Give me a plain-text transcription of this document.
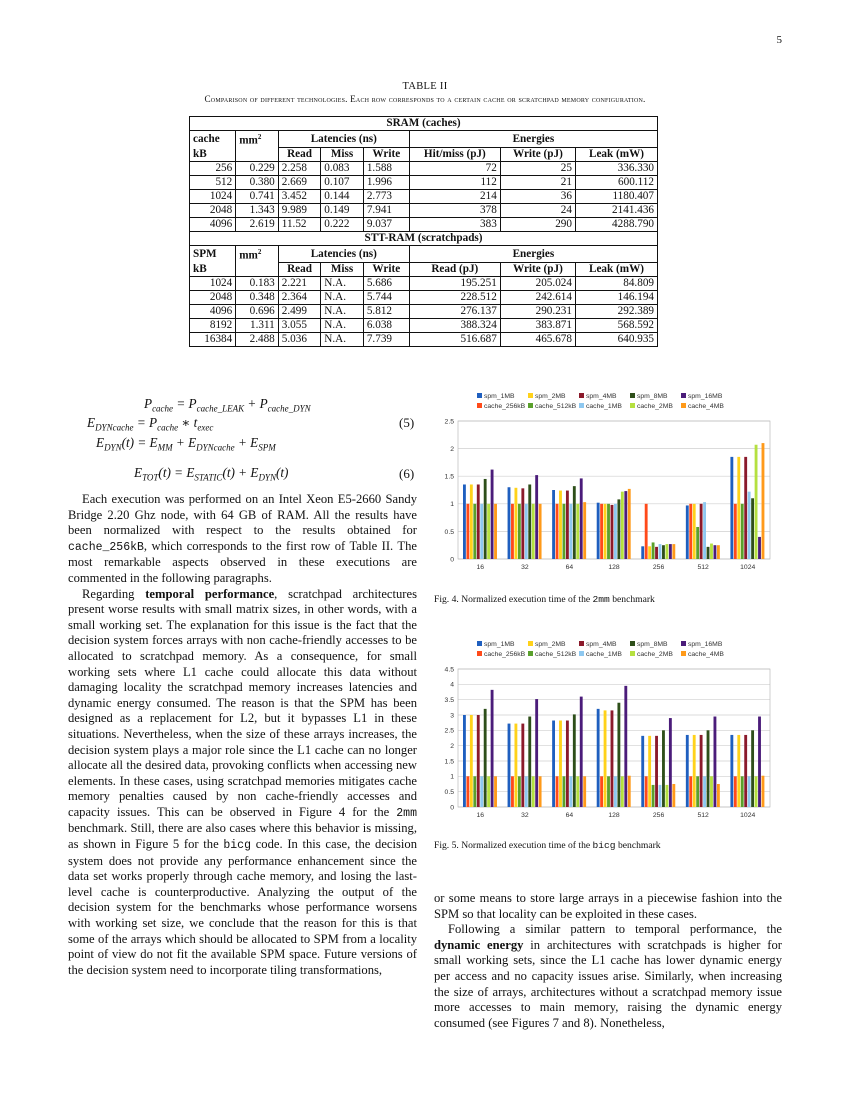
5
TABLE II
Comparison of different technologies. Each row corresponds to a certain cache or scratchpad memory configuration.
SRAM (caches)							
cache	$mm^2$	Latencies (ns)			Energies		
kB		Read	Miss	Write	Hit/miss (pJ)	Write (pJ)	Leak (mW)
256	0.229	2.258	0.083	1.588	72	25	336.330
512	0.380	2.669	0.107	1.996	112	21	600.112
1024	0.741	3.452	0.144	2.773	214	36	1180.407
2048	1.343	9.989	0.149	7.941	378	24	2141.436
4096	2.619	11.52	0.222	9.037	383	290	4288.790
STT-RAM (scratchpads)							
SPM	$mm^2$	Latencies (ns)			Energies		
kB		Read	Miss	Write	Read (pJ)	Write (pJ)	Leak (mW)
1024	0.183	2.221	N.A.	5.686	195.251	205.024	84.809
2048	0.348	2.364	N.A.	5.744	228.512	242.614	146.194
4096	0.696	2.499	N.A.	5.812	276.137	290.231	292.389
8192	1.311	3.055	N.A.	6.038	388.324	383.871	568.592
16384	2.488	5.036	N.A.	7.739	516.687	465.678	640.935
$P_{cache} = P_{cache\_LEAK} + P_{cache\_DYN}$
$E_{DYNcache} = P_{cache}$ ∗ $t_{exec}$	(5)
$E_{DYN}(t) = E_{MM} + E_{DYNcache} + E_{SPM}$
$E_{TOT}(t) = E_{STATIC}(t) + E_{DYN}(t)$	(6)

Each execution was performed on an Intel Xeon E5-2660 Sandy Bridge 2.20 Ghz node, with 64 GB of RAM. All the results have been normalized with respect to the results obtained for cache_256kB, which corresponds to the first row of Table II. The most remarkable aspects observed in these executions are commented in the following paragraphs.

Regarding temporal performance, scratchpad architectures present worse results with small matrix sizes, in other words, with a small working set. The explanation for this issue is the fact that the decision system forces arrays with non cache-friendly accesses to be allocated to scratchpad memory. As a consequence, for small working sets where L1 cache could allocate this data without damaging locality the scratchpad memory increases latencies and dynamic energy consumed. The reason is that the SPM has been designed as a replacement for L2, but it bypasses L1 in these situations. Nevertheless, when the size of these arrays increases, the decision system plays a major role since the L1 cache can no longer allocate all the desired data, provoking conflicts when accessing new elements. In these cases, using scratchpad memories mitigates cache memory penalties caused by non cache-friendly accesses and capacity issues. This can be observed in Figure 4 for the 2mm benchmark. Still, there are also cases where this behavior is missing, as shown in Figure 5 for the bicg code. In this case, the decision system does not provide any performance enhancement since the data set works properly through cache memory, and losing the last-level cache is counterproductive. Analyzing the output of the decision system for the benchmarks whose performance worsens with working set size, we conclude that the reason for this is that some of the arrays which should be allocated to SPM from a locality point of view do not fit the available SPM space. Future versions of the decision system need to incorporate tiling transformations,

spm_1MB
cache_256kB
spm_2MB
cache_512kB
spm_4MB
cache_1MB
spm_8MB
cache_2MB
spm_16MB
cache_4MB
0
0.5
1
1.5
2
2.5
16	32	64	128	256	512	1024
Fig. 4. Normalized execution time of the 2mm benchmark
spm_1MB
cache_256kB
spm_2MB
cache_512kB
spm_4MB
cache_1MB
spm_8MB
cache_2MB
spm_16MB
cache_4MB
0
0.5
1
1.5
2
2.5
3
3.5
4
4.5
16	32	64	128	256	512	1024
Fig. 5. Normalized execution time of the bicg benchmark

or some means to store large arrays in a piecewise fashion into the SPM so that locality can be exploited in these cases.

Following a similar pattern to temporal performance, the dynamic energy in architectures with scratchpads is higher for small working sets, since the L1 cache has lower dynamic energy per access and no capacity issues arise. Similarly, when increasing the size of arrays, architectures without a scratchpad memory issue more accesses to main memory, raising the dynamic energy consumed (see Figures 7 and 8). Nonetheless,
